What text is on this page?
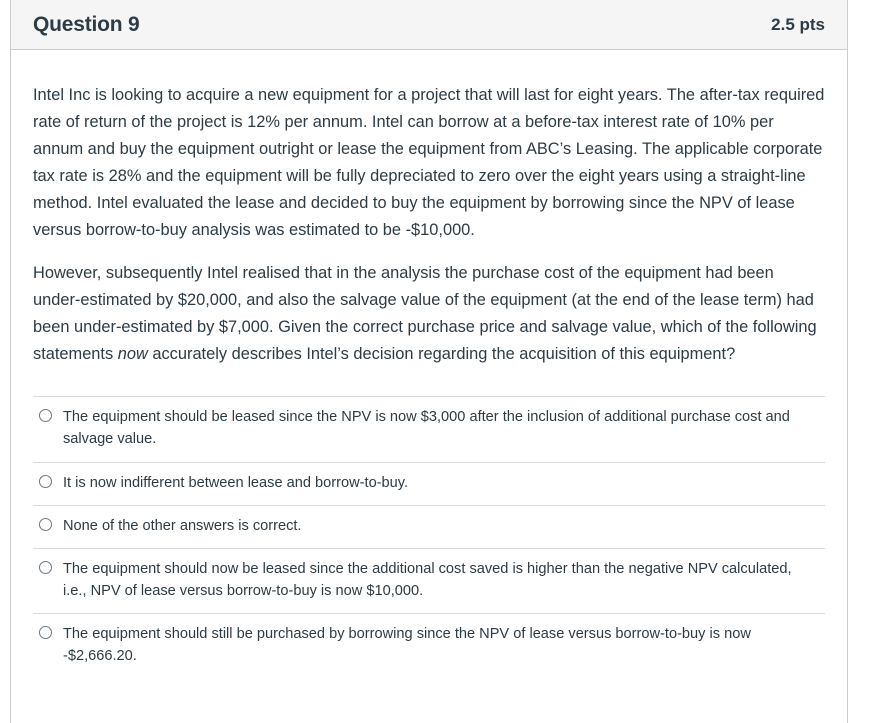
Question 9	2.5 pts

Intel Inc is looking to acquire a new equipment for a project that will last for eight years. The after-tax required rate of return of the project is 12% per annum. Intel can borrow at a before-tax interest rate of 10% per annum and buy the equipment outright or lease the equipment from ABC’s Leasing. The applicable corporate tax rate is 28% and the equipment will be fully depreciated to zero over the eight years using a straight-line method. Intel evaluated the lease and decided to buy the equipment by borrowing since the NPV of lease versus borrow-to-buy analysis was estimated to be -$10,000.

However, subsequently Intel realised that in the analysis the purchase cost of the equipment had been under-estimated by $20,000, and also the salvage value of the equipment (at the end of the lease term) had been under-estimated by $7,000. Given the correct purchase price and salvage value, which of the following statements now accurately describes Intel’s decision regarding the acquisition of this equipment?

The equipment should be leased since the NPV is now $3,000 after the inclusion of additional purchase cost and salvage value.
It is now indifferent between lease and borrow-to-buy.
None of the other answers is correct.
The equipment should now be leased since the additional cost saved is higher than the negative NPV calculated, i.e., NPV of lease versus borrow-to-buy is now $10,000.
The equipment should still be purchased by borrowing since the NPV of lease versus borrow-to-buy is now -$2,666.20.
